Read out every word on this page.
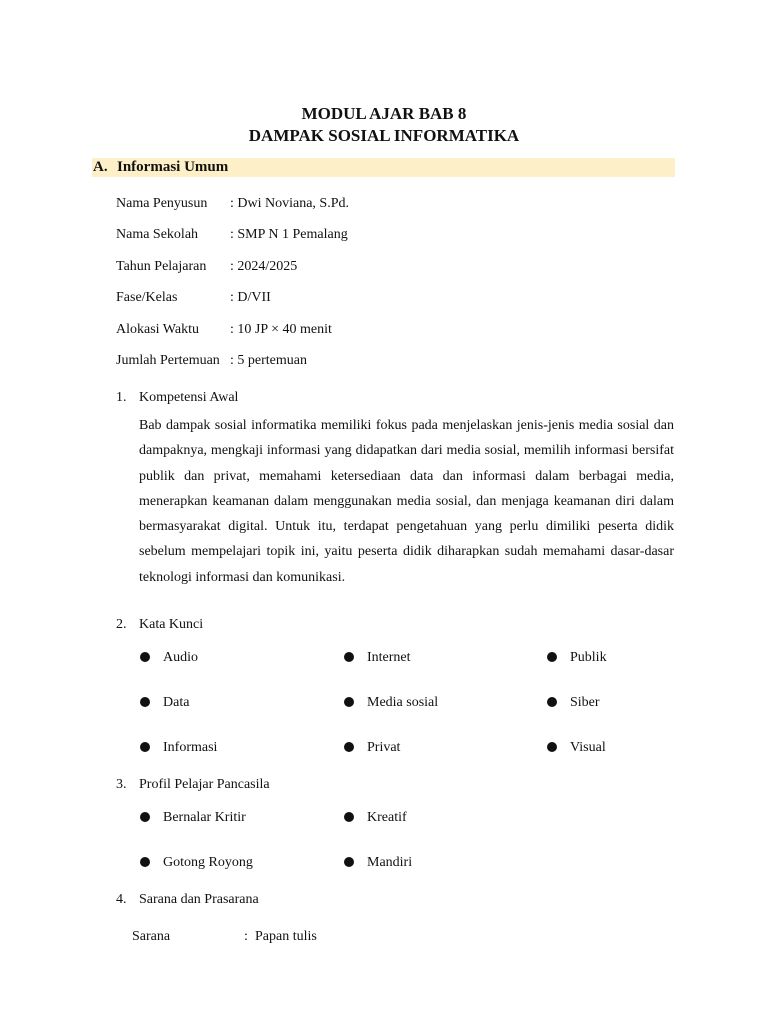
MODUL AJAR BAB 8
DAMPAK SOSIAL INFORMATIKA
A. Informasi Umum
Nama Penyusun : Dwi Noviana, S.Pd.
Nama Sekolah : SMP N 1 Pemalang
Tahun Pelajaran : 2024/2025
Fase/Kelas	: D/VII
Alokasi Waktu : 10 JP × 40 menit
Jumlah Pertemuan : 5 pertemuan
1. Kompetensi Awal

Bab dampak sosial informatika memiliki fokus pada menjelaskan jenis-jenis media sosial dan dampaknya, mengkaji informasi yang didapatkan dari media sosial, memilih informasi bersifat publik dan privat, memahami ketersediaan data dan informasi dalam berbagai media, menerapkan keamanan dalam menggunakan media sosial, dan menjaga keamanan diri dalam bermasyarakat digital. Untuk itu, terdapat pengetahuan yang perlu dimiliki peserta didik sebelum mempelajari topik ini, yaitu peserta didik diharapkan sudah memahami dasar-dasar teknologi informasi dan komunikasi.

2. Kata Kunci
Audio	Internet	Publik
Data	Media sosial	Siber
Informasi	Privat	Visual
3. Profil Pelajar Pancasila
Bernalar Kritir	Kreatif
Gotong Royong	Mandiri
4. Sarana dan Prasarana
Sarana	: Papan tulis
